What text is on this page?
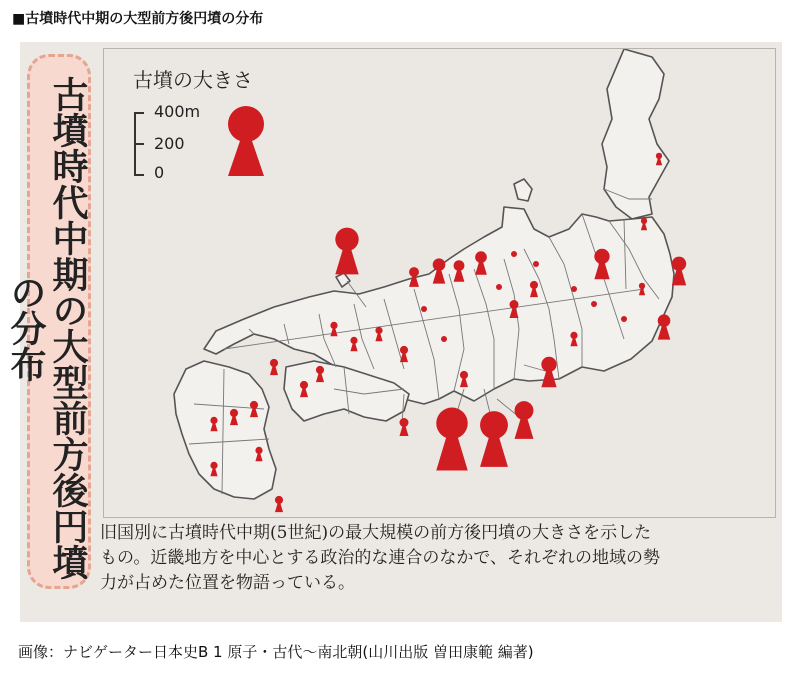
■古墳時代中期の大型前方後円墳の分布
古墳時代中期の大型前方後円墳の分布
古墳の大きさ
400m
200
0
旧国別に古墳時代中期(5世紀)の最大規模の前方後円墳の大きさを示した
もの。近畿地方を中心とする政治的な連合のなかで、それぞれの地域の勢
力が占めた位置を物語っている。
画像：ナビゲーター日本史B 1 原子・古代〜南北朝(山川出版 曽田康範 編著)
